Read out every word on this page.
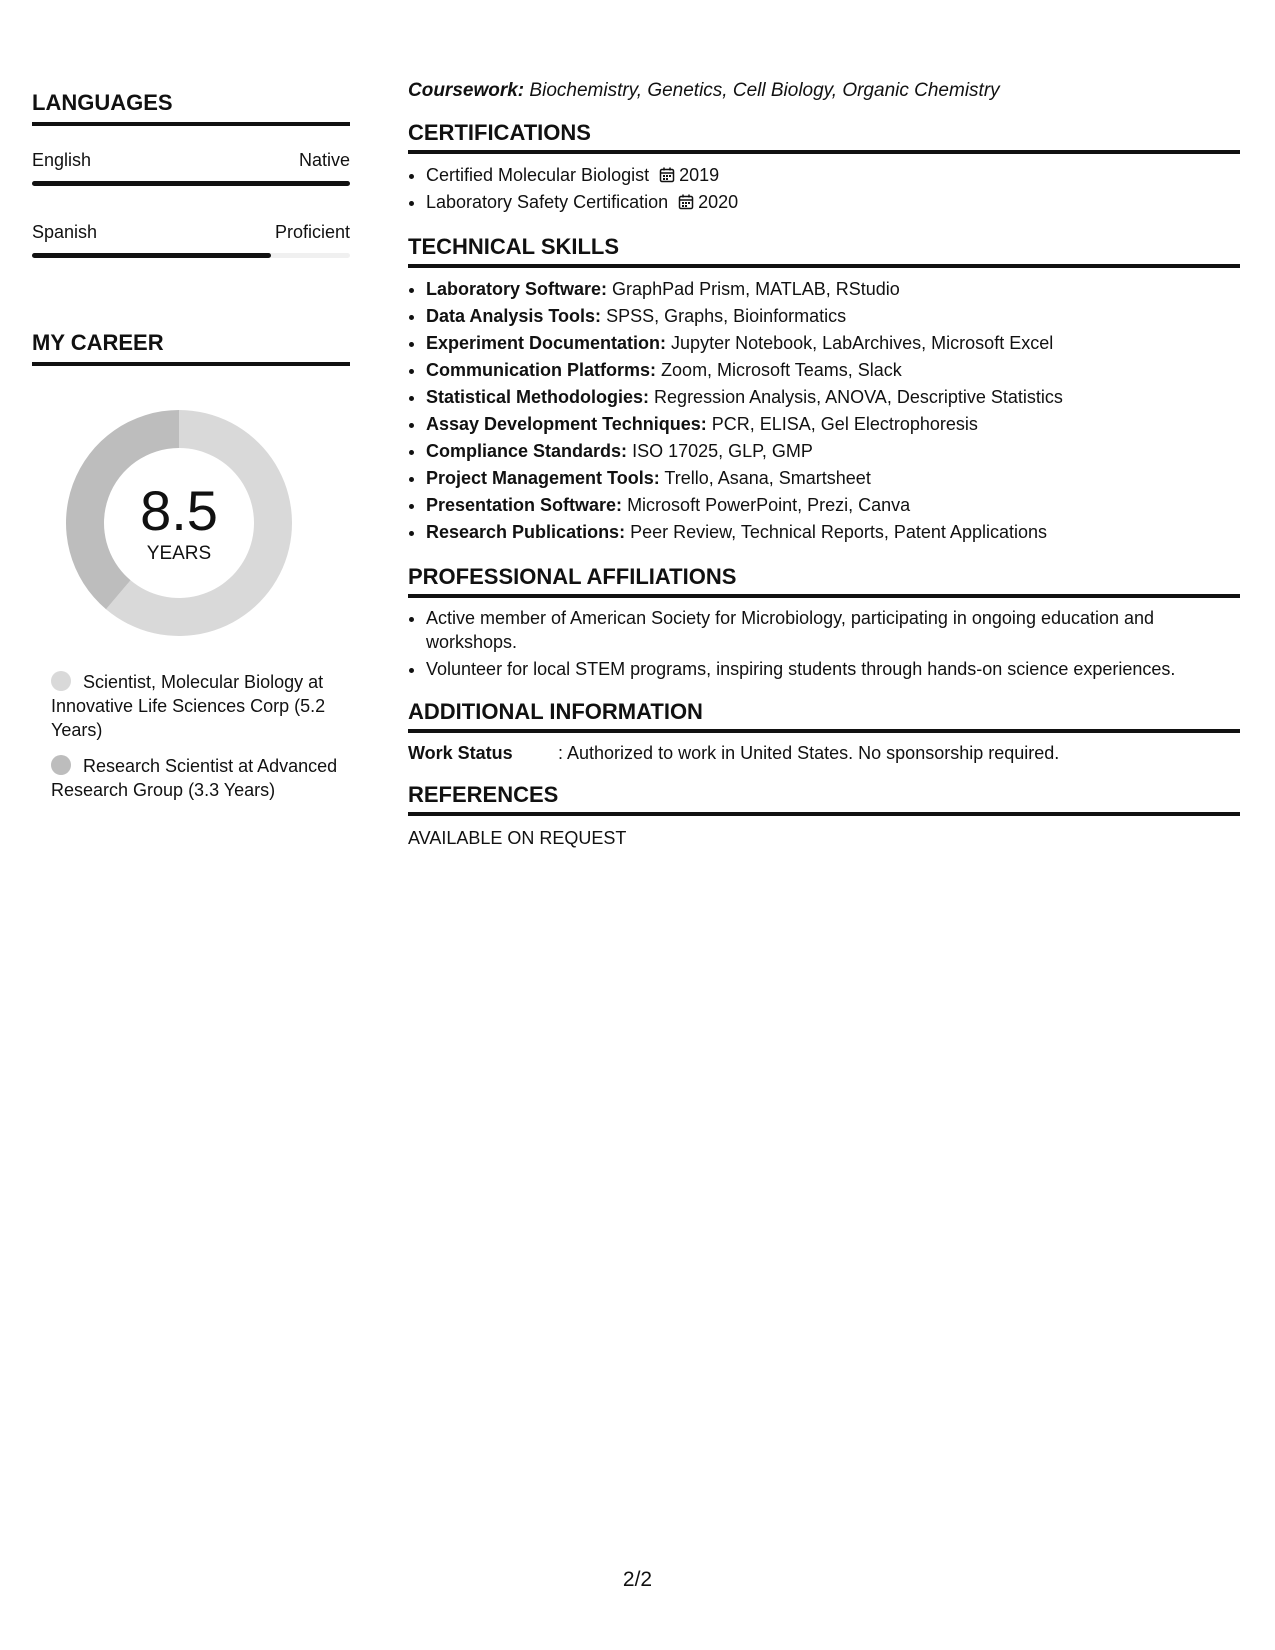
LANGUAGES
English	Native
Spanish	Proficient
MY CAREER
8.5
YEARS
Scientist, Molecular Biology at Innovative Life Sciences Corp (5.2 Years)
Research Scientist at Advanced Research Group (3.3 Years)

Coursework: Biochemistry, Genetics, Cell Biology, Organic Chemistry

CERTIFICATIONS
• Certified Molecular Biologist 2019
• Laboratory Safety Certification 2020
TECHNICAL SKILLS
• Laboratory Software: GraphPad Prism, MATLAB, RStudio
• Data Analysis Tools: SPSS, Graphs, Bioinformatics
• Experiment Documentation: Jupyter Notebook, LabArchives, Microsoft Excel
• Communication Platforms: Zoom, Microsoft Teams, Slack
• Statistical Methodologies: Regression Analysis, ANOVA, Descriptive Statistics
• Assay Development Techniques: PCR, ELISA, Gel Electrophoresis
• Compliance Standards: ISO 17025, GLP, GMP
• Project Management Tools: Trello, Asana, Smartsheet
• Presentation Software: Microsoft PowerPoint, Prezi, Canva
• Research Publications: Peer Review, Technical Reports, Patent Applications
PROFESSIONAL AFFILIATIONS
• Active member of American Society for Microbiology, participating in ongoing education and workshops.
• Volunteer for local STEM programs, inspiring students through hands-on science experiences.
ADDITIONAL INFORMATION
Work Status	: Authorized to work in United States. No sponsorship required.
REFERENCES
AVAILABLE ON REQUEST
2/2
